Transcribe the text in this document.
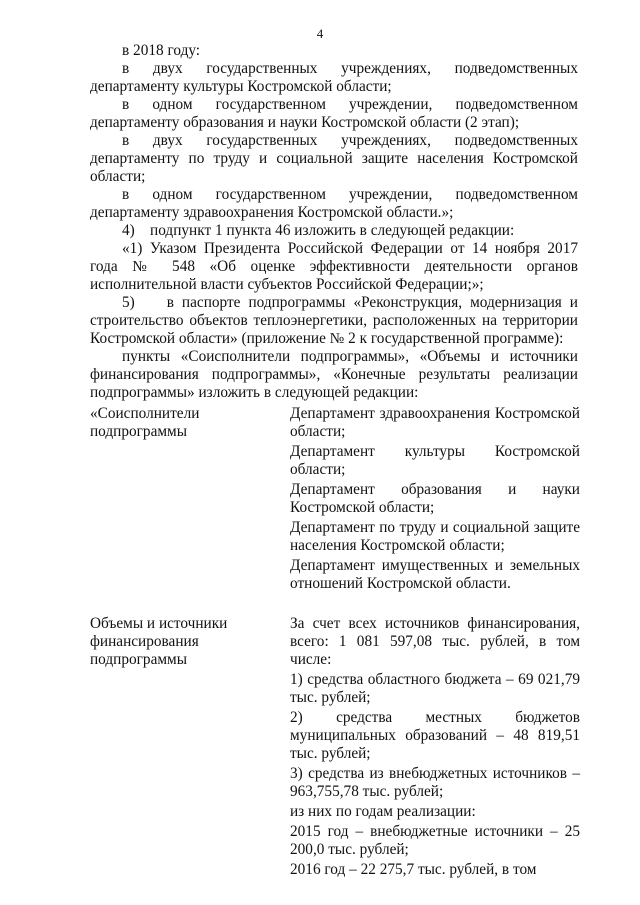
4

в 2018 году:

в двух государственных учреждениях, подведомственных департаменту культуры Костромской области;

в одном государственном учреждении, подведомственном департаменту образования и науки Костромской области (2 этап);

в двух государственных учреждениях, подведомственных департаменту по труду и социальной защите населения Костромской области;

в одном государственном учреждении, подведомственном департаменту здравоохранения Костромской области.»;

4)    подпункт 1 пункта 46 изложить в следующей редакции:

«1) Указом Президента Российской Федерации от 14 ноября 2017 года № 548 «Об оценке эффективности деятельности органов исполнительной власти субъектов Российской Федерации;»;

5)    в паспорте подпрограммы «Реконструкция, модернизация и строительство объектов теплоэнергетики, расположенных на территории Костромской области» (приложение № 2 к государственной программе):

пункты «Соисполнители подпрограммы», «Объемы и источники финансирования подпрограммы», «Конечные результаты реализации подпрограммы» изложить в следующей редакции:

«Соисполнители подпрограммы

Департамент здравоохранения Костромской области;

Департамент культуры Костромской области;

Департамент образования и науки Костромской области;

Департамент по труду и социальной защите населения Костромской области;

Департамент имущественных и земельных отношений Костромской области.

Объемы и источники финансирования подпрограммы

За счет всех источников финансирования, всего: 1 081 597,08 тыс. рублей, в том числе:

1) средства областного бюджета – 69 021,79 тыс. рублей;

2) средства местных бюджетов муниципальных образований – 48 819,51 тыс. рублей;

3) средства из внебюджетных источников – 963,755,78 тыс. рублей;

из них по годам реализации:

2015 год – внебюджетные источники – 25 200,0 тыс. рублей;

2016 год – 22 275,7 тыс. рублей, в том
